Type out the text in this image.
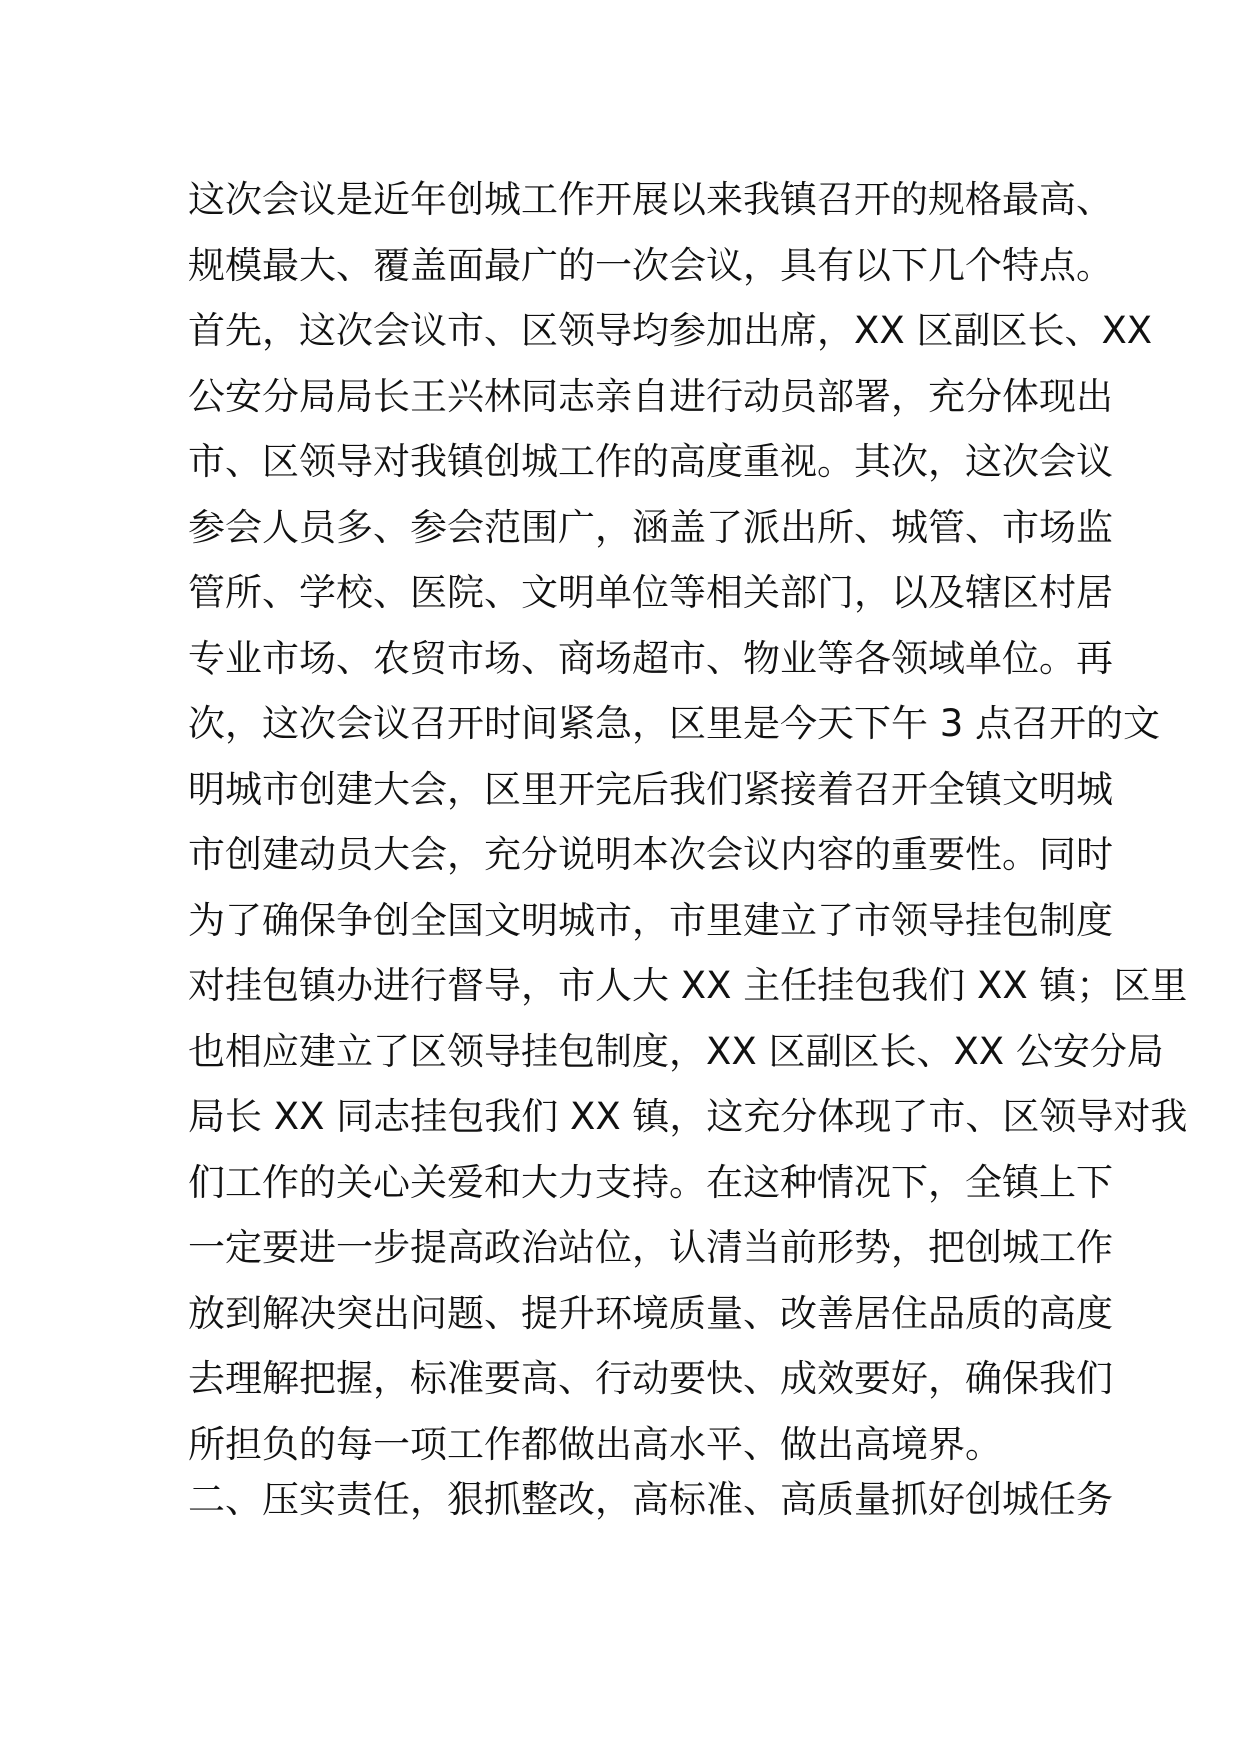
这次会议是近年创城工作开展以来我镇召开的规格最高、
规模最大、覆盖面最广的一次会议，具有以下几个特点。
首先，这次会议市、区领导均参加出席，XX 区副区长、XX
公安分局局长王兴林同志亲自进行动员部署，充分体现出
市、区领导对我镇创城工作的高度重视。其次，这次会议
参会人员多、参会范围广，涵盖了派出所、城管、市场监
管所、学校、医院、文明单位等相关部门，以及辖区村居
专业市场、农贸市场、商场超市、物业等各领域单位。再
次，这次会议召开时间紧急，区里是今天下午 3 点召开的文
明城市创建大会，区里开完后我们紧接着召开全镇文明城
市创建动员大会，充分说明本次会议内容的重要性。同时
为了确保争创全国文明城市，市里建立了市领导挂包制度
对挂包镇办进行督导，市人大 XX 主任挂包我们 XX 镇；区里
也相应建立了区领导挂包制度，XX 区副区长、XX 公安分局
局长 XX 同志挂包我们 XX 镇，这充分体现了市、区领导对我
们工作的关心关爱和大力支持。在这种情况下，全镇上下
一定要进一步提高政治站位，认清当前形势，把创城工作
放到解决突出问题、提升环境质量、改善居住品质的高度
去理解把握，标准要高、行动要快、成效要好，确保我们
所担负的每一项工作都做出高水平、做出高境界。
二、压实责任，狠抓整改，高标准、高质量抓好创城任务
